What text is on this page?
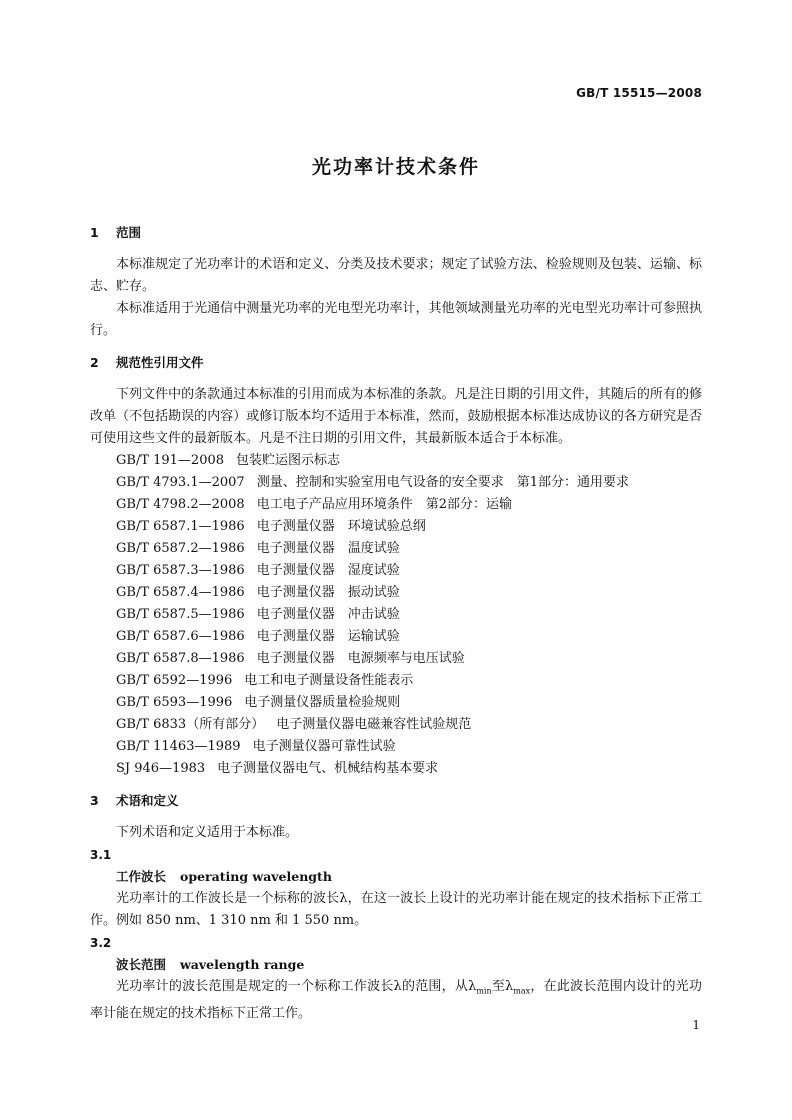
GB/T 15515—2008
光功率计技术条件
1 范围

本标准规定了光功率计的术语和定义、分类及技术要求；规定了试验方法、检验规则及包装、运输、标志、贮存。

本标准适用于光通信中测量光功率的光电型光功率计，其他领域测量光功率的光电型光功率计可参照执行。

2 规范性引用文件

下列文件中的条款通过本标准的引用而成为本标准的条款。凡是注日期的引用文件，其随后的所有的修改单（不包括勘误的内容）或修订版本均不适用于本标准，然而，鼓励根据本标准达成协议的各方研究是否可使用这些文件的最新版本。凡是不注日期的引用文件，其最新版本适合于本标准。

GB/T 191—2008 包装贮运图示标志
GB/T 4793.1—2007 测量、控制和实验室用电气设备的安全要求　第1部分：通用要求
GB/T 4798.2—2008 电工电子产品应用环境条件　第2部分：运输
GB/T 6587.1—1986 电子测量仪器　环境试验总纲
GB/T 6587.2—1986 电子测量仪器　温度试验
GB/T 6587.3—1986 电子测量仪器　湿度试验
GB/T 6587.4—1986 电子测量仪器　振动试验
GB/T 6587.5—1986 电子测量仪器　冲击试验
GB/T 6587.6—1986 电子测量仪器　运输试验
GB/T 6587.8—1986 电子测量仪器　电源频率与电压试验
GB/T 6592—1996 电工和电子测量设备性能表示
GB/T 6593—1996 电子测量仪器质量检验规则
GB/T 6833（所有部分） 电子测量仪器电磁兼容性试验规范
GB/T 11463—1989 电子测量仪器可靠性试验
SJ 946—1983 电子测量仪器电气、机械结构基本要求
3 术语和定义

下列术语和定义适用于本标准。

3.1
工作波长 operating wavelength

光功率计的工作波长是一个标称的波长λ，在这一波长上设计的光功率计能在规定的技术指标下正常工作。例如 850 nm、1 310 nm 和 1 550 nm。

3.2
波长范围 wavelength range

光功率计的波长范围是规定的一个标称工作波长λ的范围，从$\lambda_{min}$至$\lambda_{max}$，在此波长范围内设计的光功率计能在规定的技术指标下正常工作。

1
